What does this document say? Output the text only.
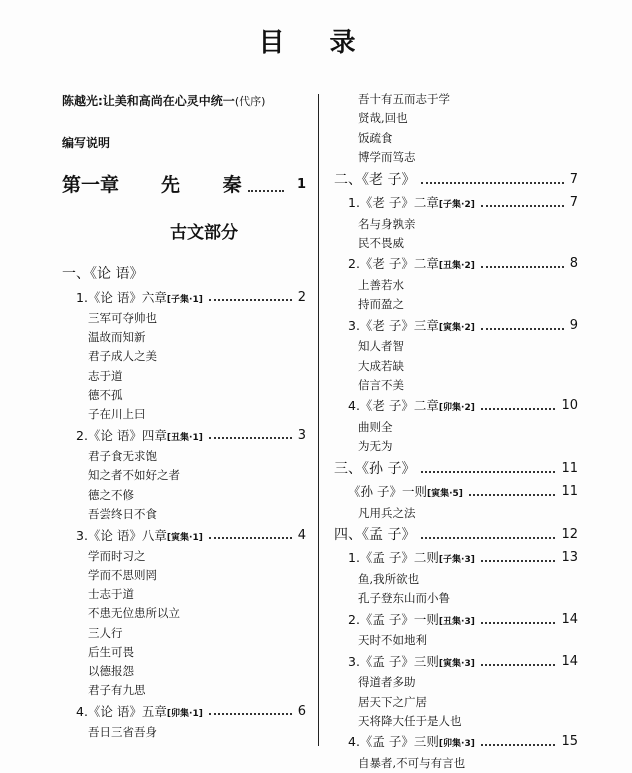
目 录
陈越光:让美和高尚在心灵中统一(代序)
编写说明
第一章 先 秦	1
古文部分
一、《论 语》
1.《论 语》六章[子集·1]	2
三军可夺帅也
温故而知新
君子成人之美
志于道
德不孤
子在川上曰
2.《论 语》四章[丑集·1]	3
君子食无求饱
知之者不如好之者
德之不修
吾尝终日不食
3.《论 语》八章[寅集·1]	4
学而时习之
学而不思则罔
士志于道
不患无位患所以立
三人行
后生可畏
以德报怨
君子有九思
4.《论 语》五章[卯集·1]	6
吾日三省吾身
吾十有五而志于学
贤哉,回也
饭疏食
博学而笃志
二、《老 子》	7
1.《老 子》二章[子集·2]	7
名与身孰亲
民不畏威
2.《老 子》二章[丑集·2]	8
上善若水
持而盈之
3.《老 子》三章[寅集·2]	9
知人者智
大成若缺
信言不美
4.《老 子》二章[卯集·2]	10
曲则全
为无为
三、《孙 子》	11
《孙 子》一则[寅集·5]	11
凡用兵之法
四、《孟 子》	12
1.《孟 子》二则[子集·3]	13
鱼,我所欲也
孔子登东山而小鲁
2.《孟 子》一则[丑集·3]	14
天时不如地利
3.《孟 子》三则[寅集·3]	14
得道者多助
居天下之广居
天将降大任于是人也
4.《孟 子》三则[卯集·3]	15
自暴者,不可与有言也
